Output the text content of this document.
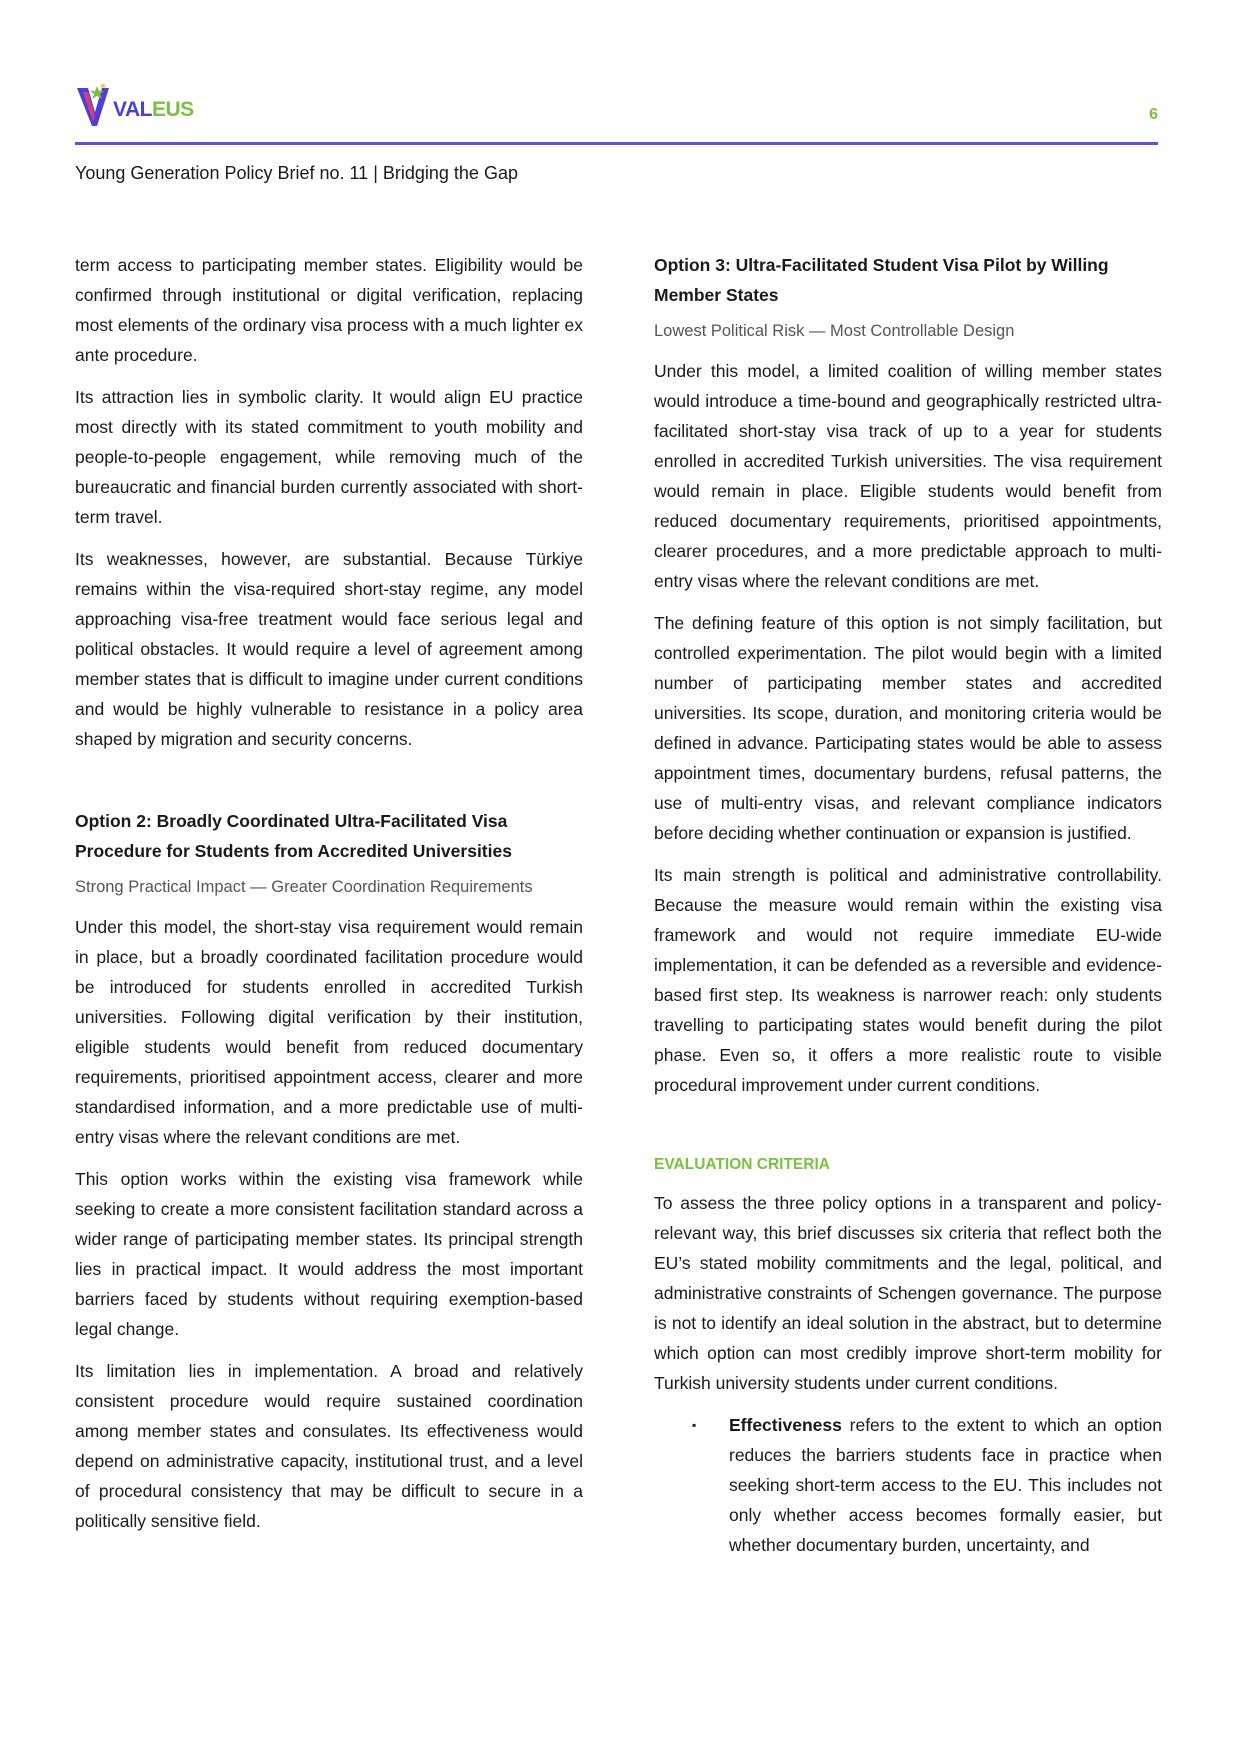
VALEUS	6
Young Generation Policy Brief no. 11 | Bridging the Gap

term access to participating member states. Eligibility would be confirmed through institutional or digital verification, replacing most elements of the ordinary visa process with a much lighter ex ante procedure.

Its attraction lies in symbolic clarity. It would align EU practice most directly with its stated commitment to youth mobility and people-to-people engagement, while removing much of the bureaucratic and financial burden currently associated with short-term travel.

Its weaknesses, however, are substantial. Because Türkiye remains within the visa-required short-stay regime, any model approaching visa-free treatment would face serious legal and political obstacles. It would require a level of agreement among member states that is difficult to imagine under current conditions and would be highly vulnerable to resistance in a policy area shaped by migration and security concerns.

Option 2: Broadly Coordinated Ultra-Facilitated Visa Procedure for Students from Accredited Universities
Strong Practical Impact — Greater Coordination Requirements

Under this model, the short-stay visa requirement would remain in place, but a broadly coordinated facilitation procedure would be introduced for students enrolled in accredited Turkish universities. Following digital verification by their institution, eligible students would benefit from reduced documentary requirements, prioritised appointment access, clearer and more standardised information, and a more predictable use of multi-entry visas where the relevant conditions are met.

This option works within the existing visa framework while seeking to create a more consistent facilitation standard across a wider range of participating member states. Its principal strength lies in practical impact. It would address the most important barriers faced by students without requiring exemption-based legal change.

Its limitation lies in implementation. A broad and relatively consistent procedure would require sustained coordination among member states and consulates. Its effectiveness would depend on administrative capacity, institutional trust, and a level of procedural consistency that may be difficult to secure in a politically sensitive field.

Option 3: Ultra-Facilitated Student Visa Pilot by Willing Member States
Lowest Political Risk — Most Controllable Design

Under this model, a limited coalition of willing member states would introduce a time-bound and geographically restricted ultra-facilitated short-stay visa track of up to a year for students enrolled in accredited Turkish universities. The visa requirement would remain in place. Eligible students would benefit from reduced documentary requirements, prioritised appointments, clearer procedures, and a more predictable approach to multi-entry visas where the relevant conditions are met.

The defining feature of this option is not simply facilitation, but controlled experimentation. The pilot would begin with a limited number of participating member states and accredited universities. Its scope, duration, and monitoring criteria would be defined in advance. Participating states would be able to assess appointment times, documentary burdens, refusal patterns, the use of multi-entry visas, and relevant compliance indicators before deciding whether continuation or expansion is justified.

Its main strength is political and administrative controllability. Because the measure would remain within the existing visa framework and would not require immediate EU-wide implementation, it can be defended as a reversible and evidence-based first step. Its weakness is narrower reach: only students travelling to participating states would benefit during the pilot phase. Even so, it offers a more realistic route to visible procedural improvement under current conditions.

EVALUATION CRITERIA

To assess the three policy options in a transparent and policy-relevant way, this brief discusses six criteria that reflect both the EU’s stated mobility commitments and the legal, political, and administrative constraints of Schengen governance. The purpose is not to identify an ideal solution in the abstract, but to determine which option can most credibly improve short-term mobility for Turkish university students under current conditions.

▪ Effectiveness refers to the extent to which an option reduces the barriers students face in practice when seeking short-term access to the EU. This includes not only whether access becomes formally easier, but whether documentary burden, uncertainty, and
